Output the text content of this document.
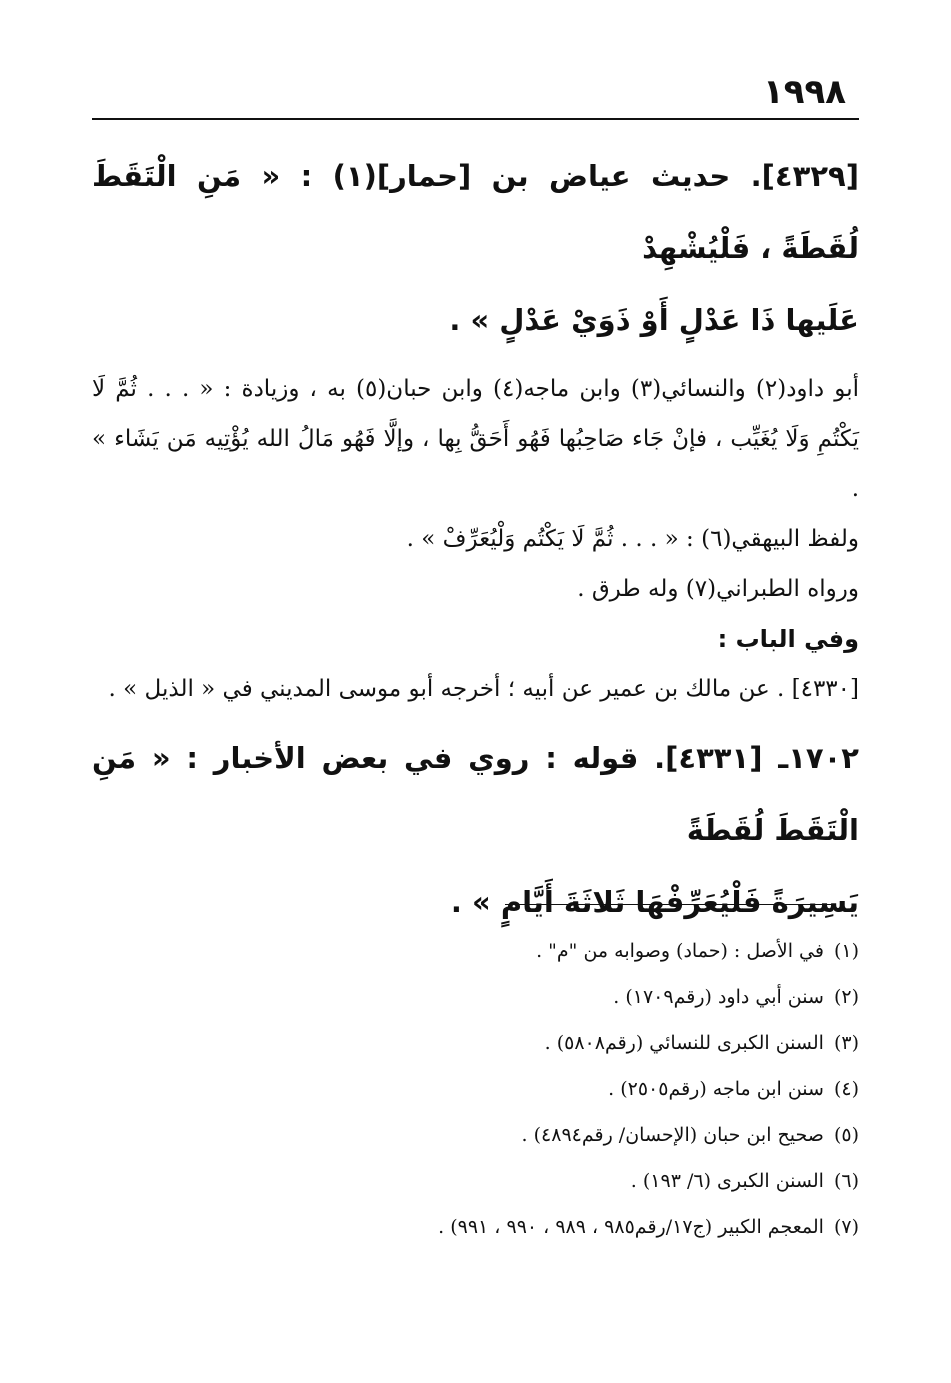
١٩٩٨

[٤٣٢٩]. حديث عياض بن [حمار](١) : « مَنِ الْتَقَطَ لُقَطَةً ، فَلْيُشْهِدْ

عَلَيها ذَا عَدْلٍ أَوْ ذَوَيْ عَدْلٍ » .

أبو داود(٢) والنسائي(٣) وابن ماجه(٤) وابن حبان(٥) به ، وزيادة : « . . . ثُمَّ لَا يَكْتُمِ وَلَا يُغَيِّب ، فإنْ جَاء صَاحِبُها فَهُو أَحَقُّ بِها ، وإلَّا فَهُو مَالُ الله يُؤْتِيه مَن يَشَاء » .

ولفظ البيهقي(٦) : « . . . ثُمَّ لَا يَكْتُم وَلْيُعَرِّفْ » .

ورواه الطبراني(٧) وله طرق .

وفي الباب :

[٤٣٣٠] . عن مالك بن عمير عن أبيه ؛ أخرجه أبو موسى المديني في « الذيل » .

١٧٠٢ـ [٤٣٣١]. قوله : روي في بعض الأخبار : « مَنِ الْتَقَطَ لُقَطَةً

يَسِيرَةً فَلْيُعَرِّفْهَا ثَلاثَةَ أَيَّامٍ » .

(١)في الأصل : (حماد) وصوابه من "م" .
(٢)سنن أبي داود (رقم١٧٠٩) .
(٣)السنن الكبرى للنسائي (رقم٥٨٠٨) .
(٤)سنن ابن ماجه (رقم٢٥٠٥) .
(٥)صحيح ابن حبان (الإحسان/ رقم٤٨٩٤) .
(٦)السنن الكبرى (٦/ ١٩٣) .
(٧)المعجم الكبير (ج١٧/رقم٩٨٥ ، ٩٨٩ ، ٩٩٠ ، ٩٩١) .
